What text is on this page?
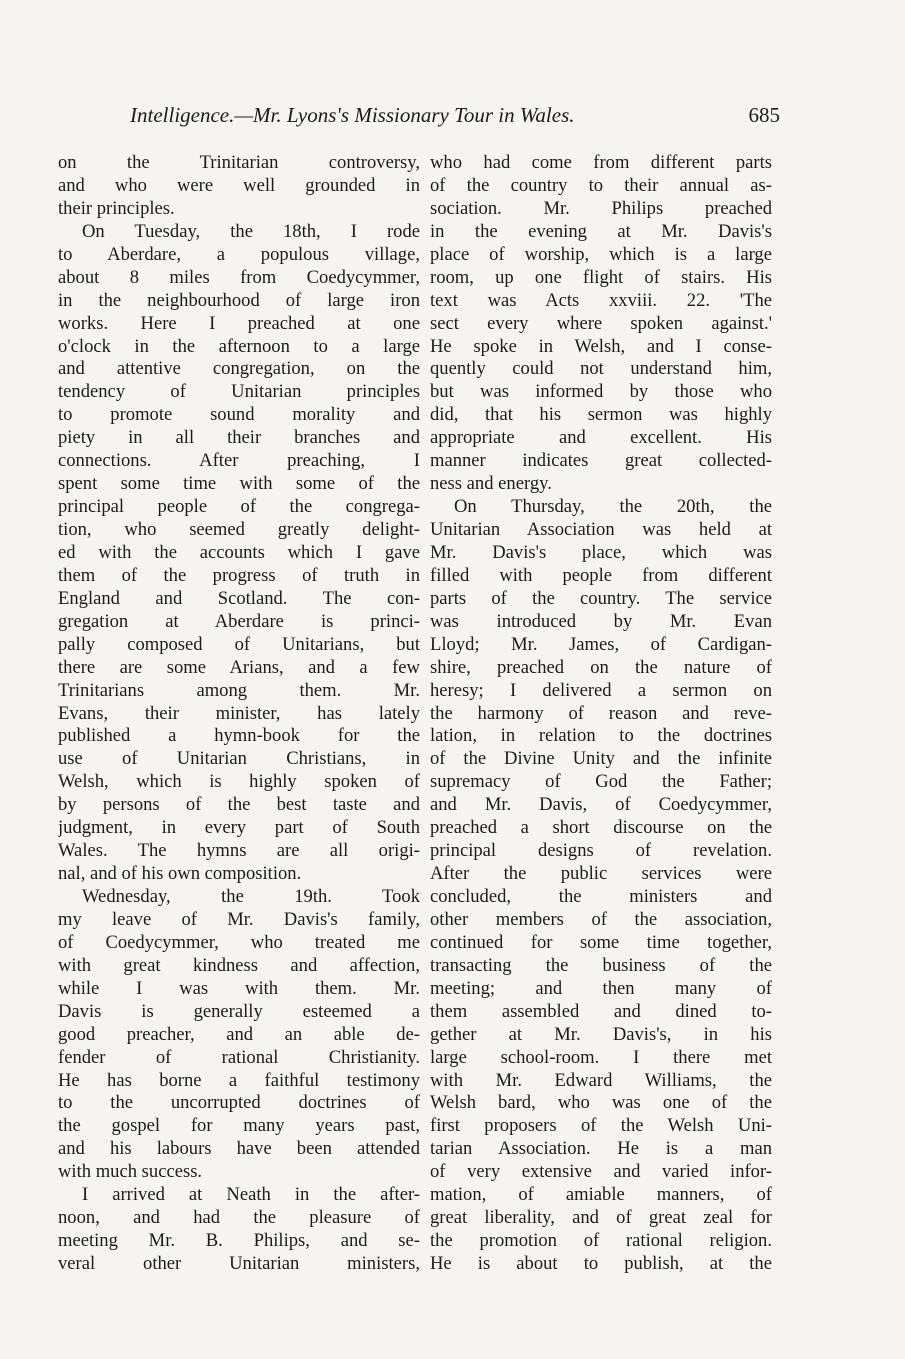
Intelligence.—Mr. Lyons's Missionary Tour in Wales.	685
on the Trinitarian controversy,
and who were well grounded in
their principles.
On Tuesday, the 18th, I rode
to Aberdare, a populous village,
about 8 miles from Coedycymmer,
in the neighbourhood of large iron
works. Here I preached at one
o'clock in the afternoon to a large
and attentive congregation, on the
tendency of Unitarian principles
to promote sound morality and
piety in all their branches and
connections. After preaching, I
spent some time with some of the
principal people of the congrega-
tion, who seemed greatly delight-
ed with the accounts which I gave
them of the progress of truth in
England and Scotland. The con-
gregation at Aberdare is princi-
pally composed of Unitarians, but
there are some Arians, and a few
Trinitarians among them. Mr.
Evans, their minister, has lately
published a hymn-book for the
use of Unitarian Christians, in
Welsh, which is highly spoken of
by persons of the best taste and
judgment, in every part of South
Wales. The hymns are all origi-
nal, and of his own composition.
Wednesday, the 19th. Took
my leave of Mr. Davis's family,
of Coedycymmer, who treated me
with great kindness and affection,
while I was with them. Mr.
Davis is generally esteemed a
good preacher, and an able de-
fender of rational Christianity.
He has borne a faithful testimony
to the uncorrupted doctrines of
the gospel for many years past,
and his labours have been attended
with much success.
I arrived at Neath in the after-
noon, and had the pleasure of
meeting Mr. B. Philips, and se-
veral other Unitarian ministers,
who had come from different parts
of the country to their annual as-
sociation. Mr. Philips preached
in the evening at Mr. Davis's
place of worship, which is a large
room, up one flight of stairs. His
text was Acts xxviii. 22. 'The
sect every where spoken against.'
He spoke in Welsh, and I conse-
quently could not understand him,
but was informed by those who
did, that his sermon was highly
appropriate and excellent. His
manner indicates great collected-
ness and energy.
On Thursday, the 20th, the
Unitarian Association was held at
Mr. Davis's place, which was
filled with people from different
parts of the country. The service
was introduced by Mr. Evan
Lloyd; Mr. James, of Cardigan-
shire, preached on the nature of
heresy; I delivered a sermon on
the harmony of reason and reve-
lation, in relation to the doctrines
of the Divine Unity and the infinite
supremacy of God the Father;
and Mr. Davis, of Coedycymmer,
preached a short discourse on the
principal designs of revelation.
After the public services were
concluded, the ministers and
other members of the association,
continued for some time together,
transacting the business of the
meeting; and then many of
them assembled and dined to-
gether at Mr. Davis's, in his
large school-room. I there met
with Mr. Edward Williams, the
Welsh bard, who was one of the
first proposers of the Welsh Uni-
tarian Association. He is a man
of very extensive and varied infor-
mation, of amiable manners, of
great liberality, and of great zeal for
the promotion of rational religion.
He is about to publish, at the
